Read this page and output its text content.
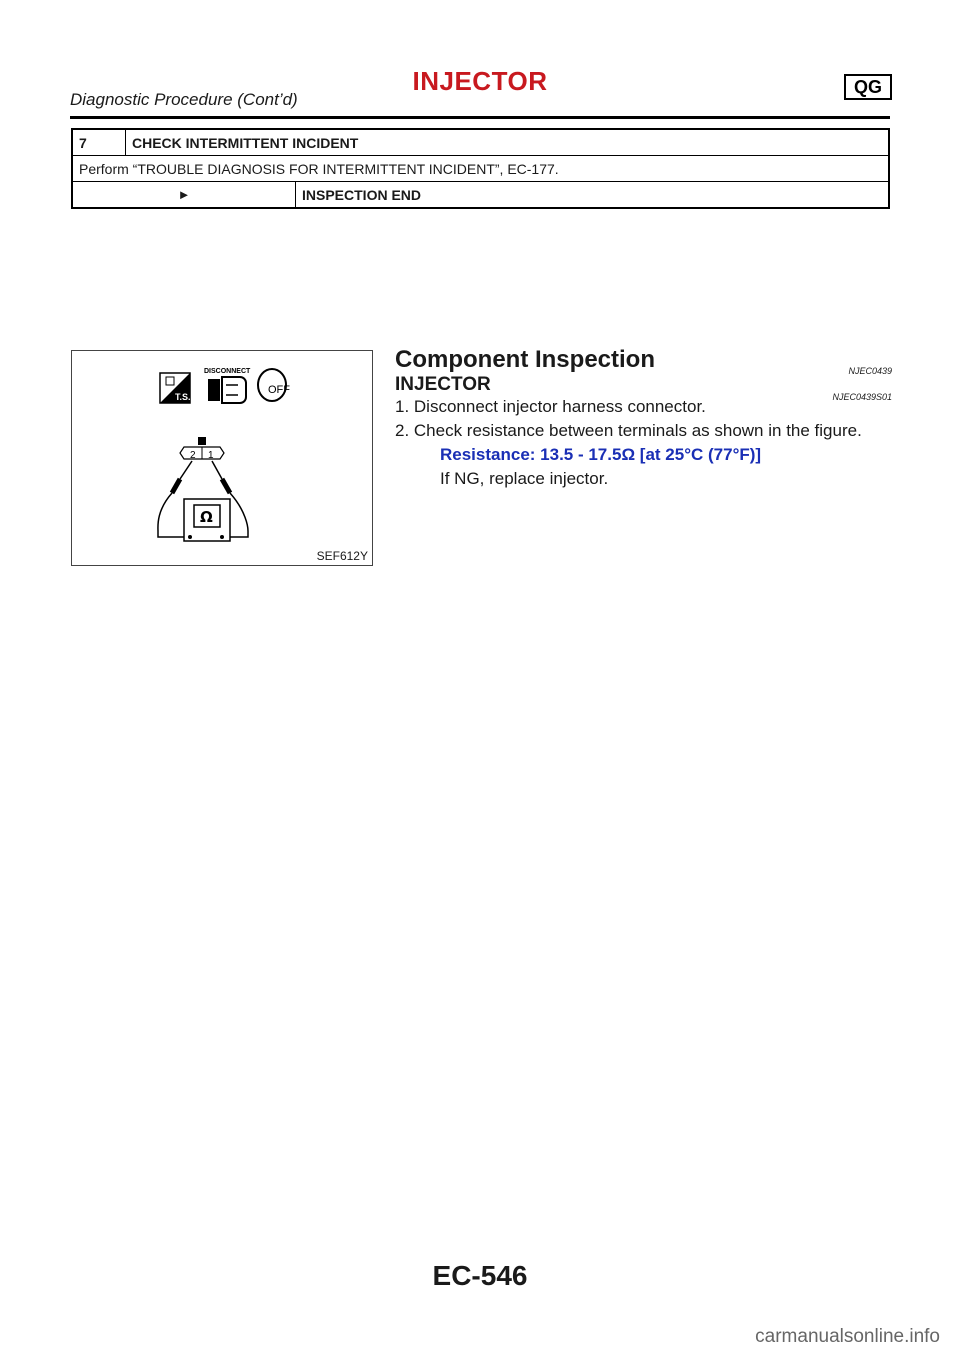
INJECTOR	QG
Diagnostic Procedure (Cont’d)
7	CHECK INTERMITTENT INCIDENT
Perform “TROUBLE DIAGNOSIS FOR INTERMITTENT INCIDENT”, EC-177.

►	INSPECTION END
T.S.
DISCONNECT
OFF
2 1
Ω
SEF612Y
Component Inspection	NJEC0439
INJECTOR
NJEC0439S01
1. Disconnect injector harness connector.
2. Check resistance between terminals as shown in the figure.
Resistance: 13.5 - 17.5Ω [at 25°C (77°F)]
If NG, replace injector.
EC-546
carmanualsonline.info
